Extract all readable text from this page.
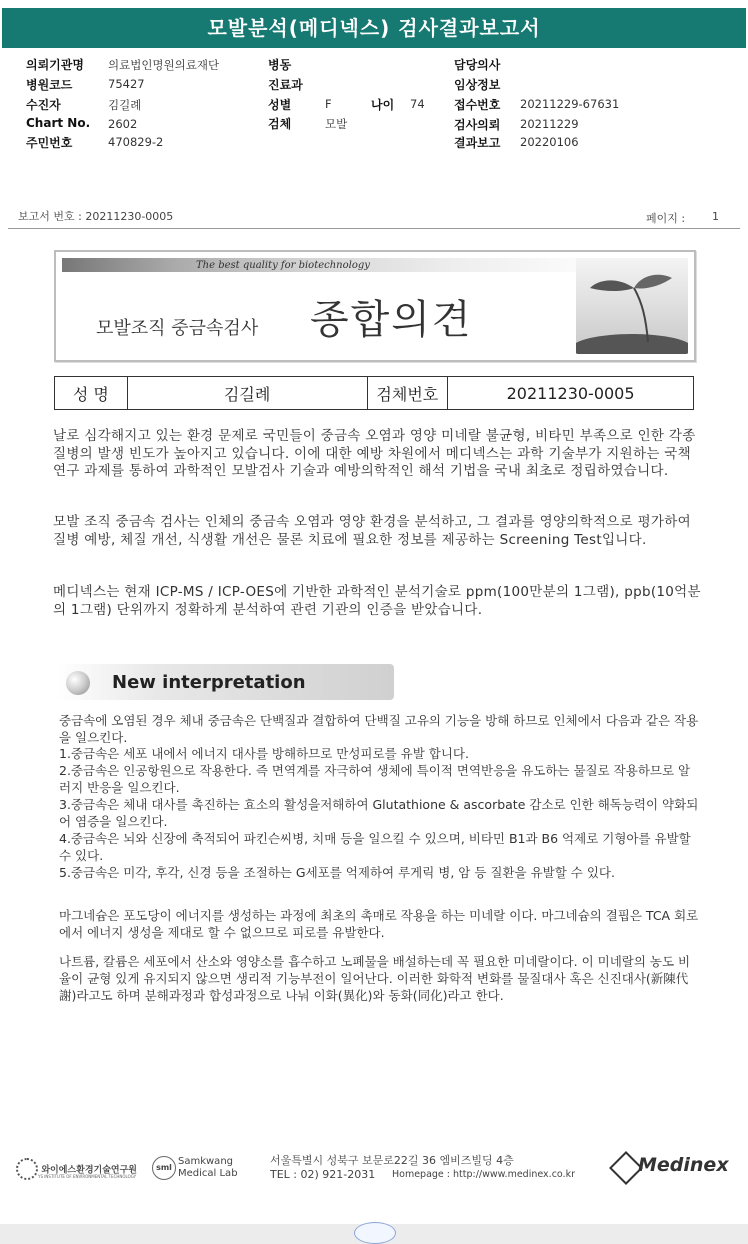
모발분석(메디넥스) 검사결과보고서
의뢰기관명 의료법인명원의료재단
병원코드	75427
수진자	김길례
Chart No. 2602
주민번호	470829-2
병동
진료과
성별	F	나이 74
검체	모발
담당의사
임상정보
접수번호 20211229-67631
검사의뢰 20211229
결과보고 20220106
보고서 번호 : 20211230-0005	페이지 : 1
The best quality for biotechnology
모발조직 중금속검사 종합의견
성 명	김길례	검체번호	20211230-0005
날로 심각해지고 있는 환경 문제로 국민들이 중금속 오염과 영양 미네랄 불균형, 비타민 부족으로 인한 각종 질병의 발생 빈도가 높아지고 있습니다. 이에 대한 예방 차원에서 메디넥스는 과학 기술부가 지원하는 국책 연구 과제를 통하여 과학적인 모발검사 기술과 예방의학적인 해석 기법을 국내 최초로 정립하였습니다.
모발 조직 중금속 검사는 인체의 중금속 오염과 영양 환경을 분석하고, 그 결과를 영양의학적으로 평가하여 질병 예방, 체질 개선, 식생활 개선은 물론 치료에 필요한 정보를 제공하는 Screening Test입니다.
메디넥스는 현재 ICP-MS / ICP-OES에 기반한 과학적인 분석기술로 ppm(100만분의 1그램), ppb(10억분의 1그램) 단위까지 정확하게 분석하여 관련 기관의 인증을 받았습니다.
New interpretation
중금속에 오염된 경우 체내 중금속은 단백질과 결합하여 단백질 고유의 기능을 방해 하므로 인체에서 다음과 같은 작용을 일으킨다.
1.중금속은 세포 내에서 에너지 대사를 방해하므로 만성피로를 유발 합니다.
2.중금속은 인공항원으로 작용한다. 즉 면역계를 자극하여 생체에 특이적 면역반응을 유도하는 물질로 작용하므로 알러지 반응을 일으킨다.
3.중금속은 체내 대사를 촉진하는 효소의 활성을저해하여 Glutathione & ascorbate 감소로 인한 해독능력이 약화되어 염증을 일으킨다.
4.중금속은 뇌와 신장에 축적되어 파킨슨씨병, 치매 등을 일으킬 수 있으며, 비타민 B1과 B6 억제로 기형아를 유발할 수 있다.
5.중금속은 미각, 후각, 신경 등을 조절하는 G세포를 억제하여 루게릭 병, 암 등 질환을 유발할 수 있다.
마그네슘은 포도당이 에너지를 생성하는 과정에 최초의 촉매로 작용을 하는 미네랄 이다. 마그네슘의 결핍은 TCA 회로에서 에너지 생성을 제대로 할 수 없으므로 피로를 유발한다.
나트륨, 칼륨은 세포에서 산소와 영양소를 흡수하고 노폐물을 배설하는데 꼭 필요한 미네랄이다. 이 미네랄의 농도 비율이 균형 있게 유지되지 않으면 생리적 기능부전이 일어난다. 이러한 화학적 변화를 물질대사 혹은 신진대사(新陳代謝)라고도 하며 분해과정과 합성과정으로 나눠 이화(異化)와 동화(同化)라고 한다.
와이에스환경기술연구원
YS INSTITUTE OF ENVIRONMENTAL TECHNOLOGY
sml
Samkwang
Medical Lab
서울특별시 성북구 보문로22길 36 엠비즈빌딩 4층
TEL : 02) 921-2031 Homepage : http://www.medinex.co.kr	Medinex
